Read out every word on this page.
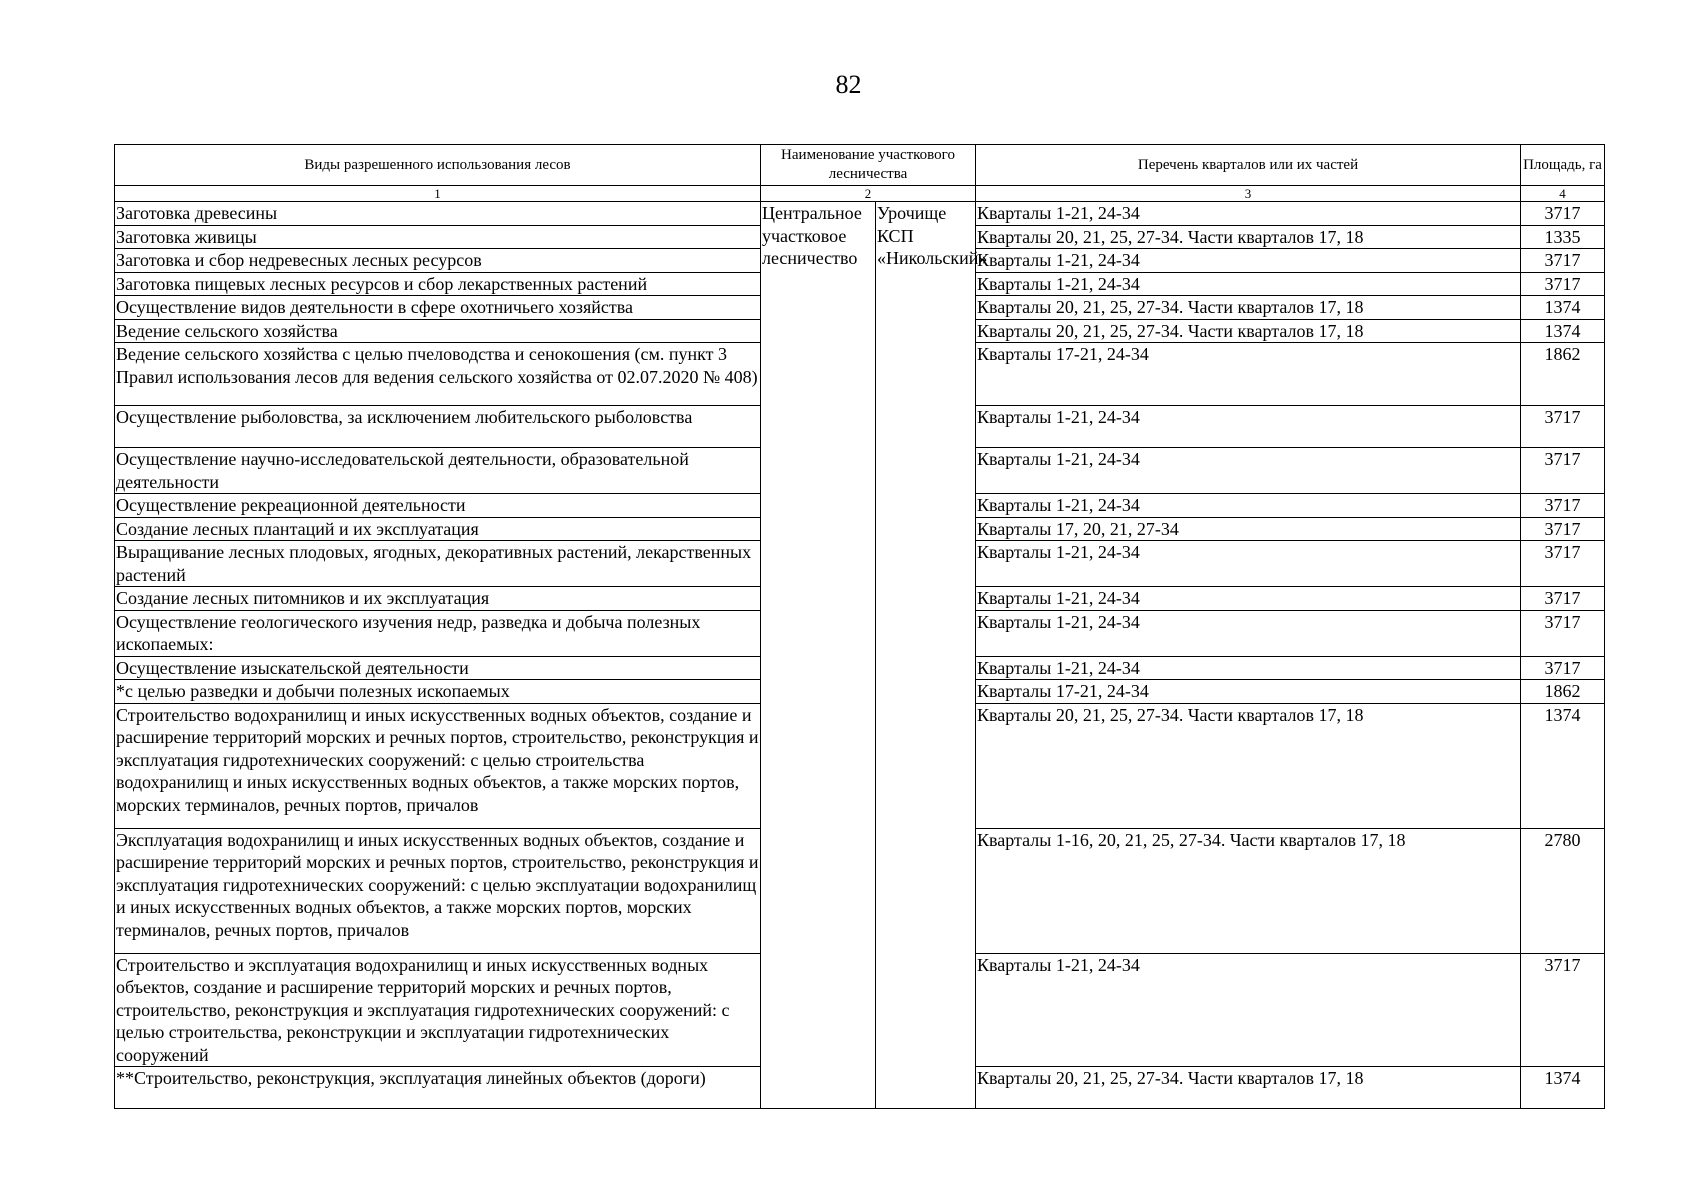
82
Виды разрешенного использования лесов	Наименование участкового лесничества		Перечень кварталов или их частей	Площадь, га
1	2		3	4
Заготовка древесины	Центральное участковое лесничество	Урочище КСП «Никольский»	Кварталы 1-21, 24-34	3717
Заготовка живицы			Кварталы 20, 21, 25, 27-34. Части кварталов 17, 18	1335
Заготовка и сбор недревесных лесных ресурсов			Кварталы 1-21, 24-34	3717
Заготовка пищевых лесных ресурсов и сбор лекарственных растений			Кварталы 1-21, 24-34	3717
Осуществление видов деятельности в сфере охотничьего хозяйства			Кварталы 20, 21, 25, 27-34. Части кварталов 17, 18	1374
Ведение сельского хозяйства			Кварталы 20, 21, 25, 27-34. Части кварталов 17, 18	1374
Ведение сельского хозяйства с целью пчеловодства и сенокошения (см. пункт 3 Правил использования лесов для ведения сельского хозяйства от 02.07.2020 № 408)			Кварталы 17-21, 24-34	1862
Осуществление рыболовства, за исключением любительского рыболовства			Кварталы 1-21, 24-34	3717
Осуществление научно-исследовательской деятельности, образовательной деятельности			Кварталы 1-21, 24-34	3717
Осуществление рекреационной деятельности			Кварталы 1-21, 24-34	3717
Создание лесных плантаций и их эксплуатация			Кварталы 17, 20, 21, 27-34	3717
Выращивание лесных плодовых, ягодных, декоративных растений, лекарственных растений			Кварталы 1-21, 24-34	3717
Создание лесных питомников и их эксплуатация			Кварталы 1-21, 24-34	3717
Осуществление геологического изучения недр, разведка и добыча полезных ископаемых:			Кварталы 1-21, 24-34	3717
Осуществление изыскательской деятельности			Кварталы 1-21, 24-34	3717
*с целью разведки и добычи полезных ископаемых			Кварталы 17-21, 24-34	1862
Строительство водохранилищ и иных искусственных водных объектов, создание и расширение территорий морских и речных портов, строительство, реконструкция и эксплуатация гидротехнических сооружений: с целью строительства водохранилищ и иных искусственных водных объектов, а также морских портов, морских терминалов, речных портов, причалов			Кварталы 20, 21, 25, 27-34. Части кварталов 17, 18	1374
Эксплуатация водохранилищ и иных искусственных водных объектов, создание и расширение территорий морских и речных портов, строительство, реконструкция и эксплуатация гидротехнических сооружений: с целью эксплуатации водохранилищ и иных искусственных водных объектов, а также морских портов, морских терминалов, речных портов, причалов			Кварталы 1-16, 20, 21, 25, 27-34. Части кварталов 17, 18	2780
Строительство и эксплуатация водохранилищ и иных искусственных водных объектов, создание и расширение территорий морских и речных портов, строительство, реконструкция и эксплуатация гидротехнических сооружений: с целью строительства, реконструкции и эксплуатации гидротехнических сооружений			Кварталы 1-21, 24-34	3717
**Строительство, реконструкция, эксплуатация линейных объектов (дороги)			Кварталы 20, 21, 25, 27-34. Части кварталов 17, 18	1374
